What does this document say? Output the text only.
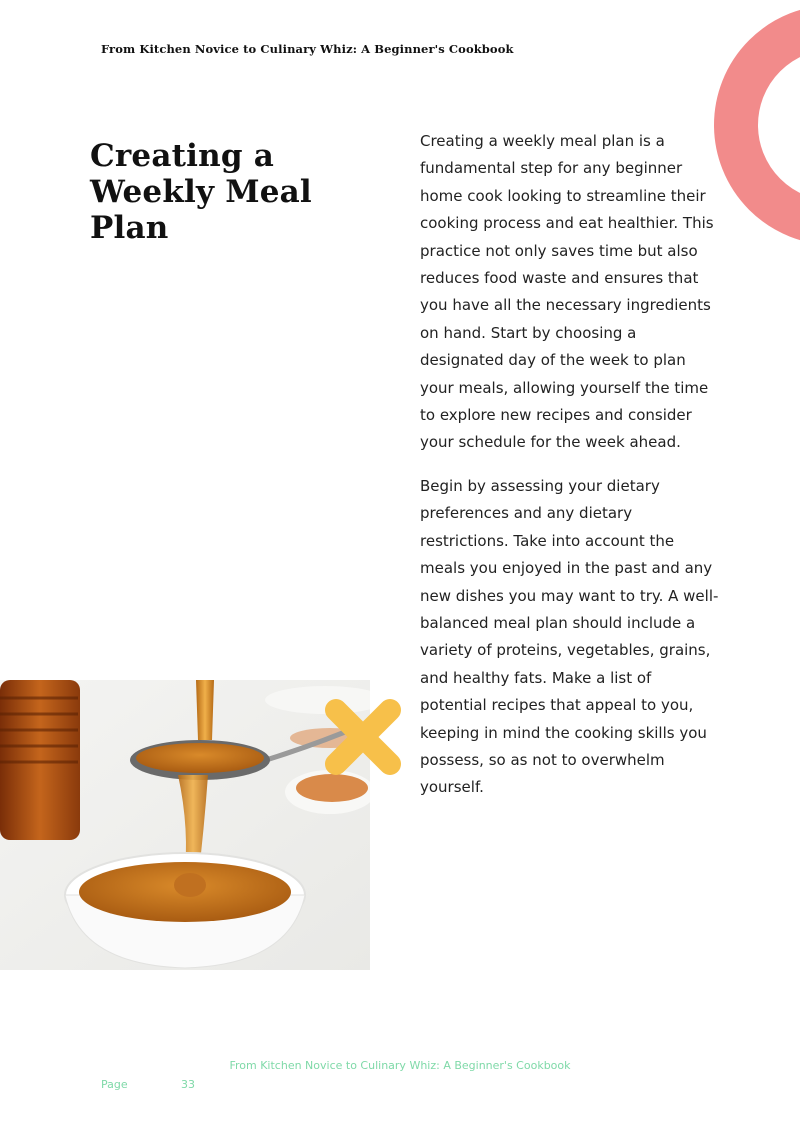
From Kitchen Novice to Culinary Whiz: A Beginner's Cookbook
Creating a Weekly Meal Plan

Creating a weekly meal plan is a fundamental step for any beginner home cook looking to streamline their cooking process and eat healthier. This practice not only saves time but also reduces food waste and ensures that you have all the necessary ingredients on hand. Start by choosing a designated day of the week to plan your meals, allowing yourself the time to explore new recipes and consider your schedule for the week ahead.

Begin by assessing your dietary preferences and any dietary restrictions. Take into account the meals you enjoyed in the past and any new dishes you may want to try. A well-balanced meal plan should include a variety of proteins, vegetables, grains, and healthy fats. Make a list of potential recipes that appeal to you, keeping in mind the cooking skills you possess, so as not to overwhelm yourself.

From Kitchen Novice to Culinary Whiz: A Beginner's Cookbook
Page	33
